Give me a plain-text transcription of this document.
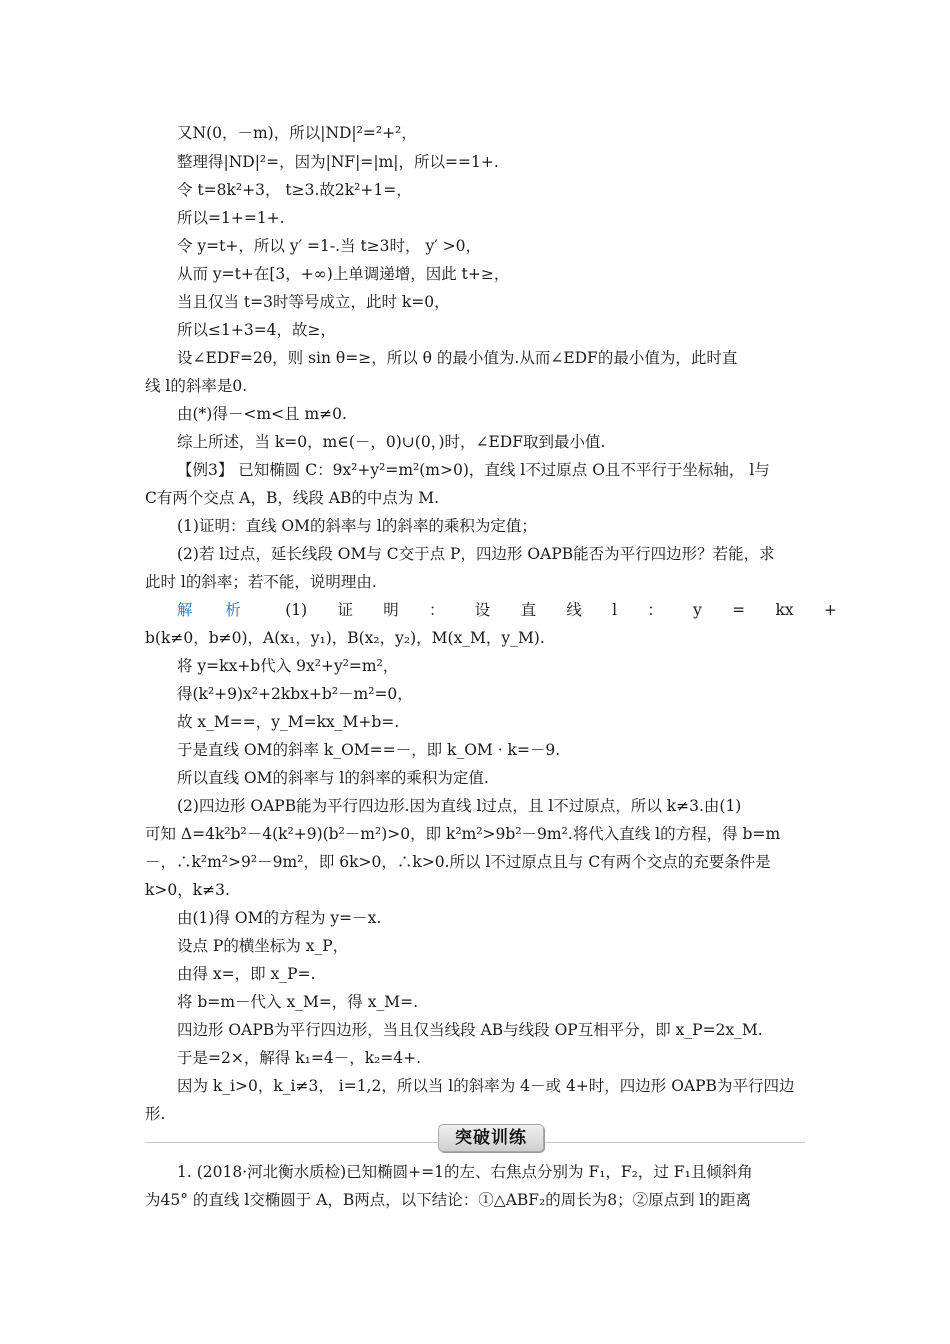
又N(0，－m)，所以|ND|²=²+²，
整理得|ND|²=，因为|NF|=|m|，所以==1+.
令 t=8k²+3， t≥3.故2k²+1=，
所以=1+=1+.
令 y=t+，所以 y′ =1-.当 t≥3时， y′ >0，
从而 y=t+在[3，+∞)上单调递增，因此 t+≥，
当且仅当 t=3时等号成立，此时 k=0，
所以≤1+3=4，故≥，
设∠EDF=2θ，则 sin θ=≥，所以 θ 的最小值为.从而∠EDF的最小值为，此时直
线 l的斜率是0.
由(*)得－<m<且 m≠0.
综上所述，当 k=0，m∈(－，0)∪(0，)时，∠EDF取到最小值.
【例3】 已知椭圆 C：9x²+y²=m²(m>0)，直线 l不过原点 O且不平行于坐标轴， l与
C有两个交点 A，B，线段 AB的中点为 M.
(1)证明：直线 OM的斜率与 l的斜率的乘积为定值；
(2)若 l过点，延长线段 OM与 C交于点 P，四边形 OAPB能否为平行四边形？若能，求
此时 l的斜率；若不能，说明理由.
解 析 (1) 证 明 ： 设 直 线 l ： y = kx +
b(k≠0，b≠0)，A(x₁，y₁)，B(x₂，y₂)，M(x_M，y_M).
将 y=kx+b代入 9x²+y²=m²，
得(k²+9)x²+2kbx+b²－m²=0，
故 x_M==，y_M=kx_M+b=.
于是直线 OM的斜率 k_OM==－，即 k_OM · k=－9.
所以直线 OM的斜率与 l的斜率的乘积为定值.
(2)四边形 OAPB能为平行四边形.因为直线 l过点，且 l不过原点，所以 k≠3.由(1)
可知 Δ=4k²b²－4(k²+9)(b²－m²)>0，即 k²m²>9b²－9m².将代入直线 l的方程，得 b=m
－，∴k²m²>9²－9m²，即 6k>0，∴k>0.所以 l不过原点且与 C有两个交点的充要条件是
k>0，k≠3.
由(1)得 OM的方程为 y=－x.
设点 P的横坐标为 x_P，
由得 x=，即 x_P=.
将 b=m－代入 x_M=，得 x_M=.
四边形 OAPB为平行四边形，当且仅当线段 AB与线段 OP互相平分，即 x_P=2x_M.
于是=2×，解得 k₁=4－，k₂=4+.
因为 k_i>0，k_i≠3， i=1,2，所以当 l的斜率为 4－或 4+时，四边形 OAPB为平行四边
形.
突破训练
1. (2018·河北衡水质检)已知椭圆+=1的左、右焦点分别为 F₁，F₂，过 F₁且倾斜角
为45° 的直线 l交椭圆于 A，B两点，以下结论：①△ABF₂的周长为8；②原点到 l的距离
